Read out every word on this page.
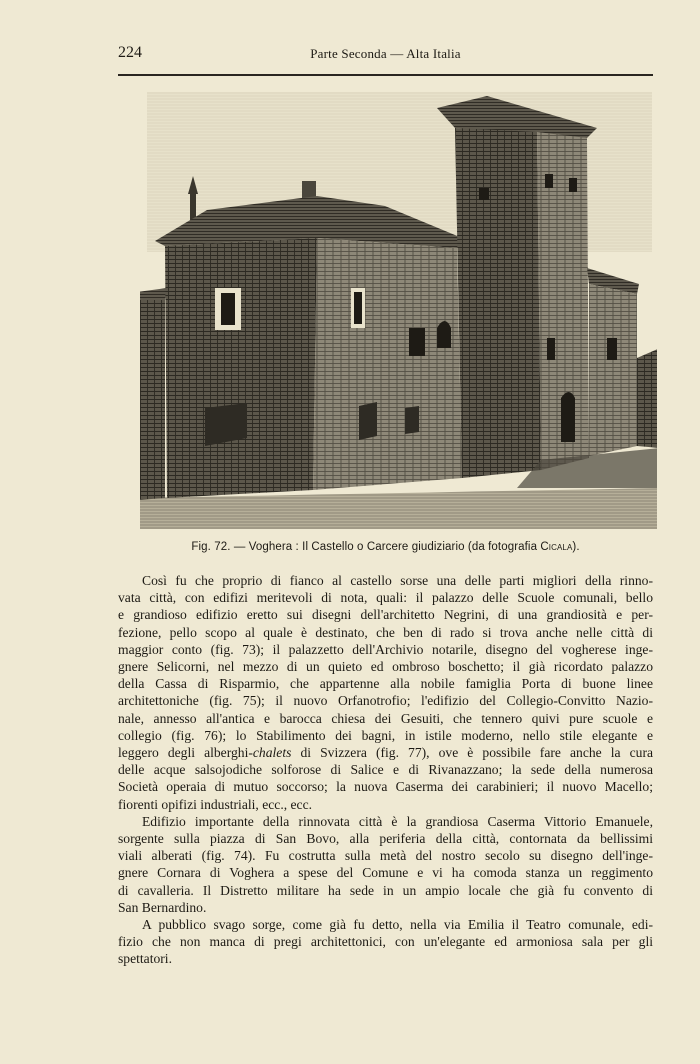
224	Parte Seconda — Alta Italia
Fig. 72. — Voghera : Il Castello o Carcere giudiziario (da fotografia Cicala).

Così fu che proprio di fianco al castello sorse una delle parti migliori della rinno-

vata città, con edifizi meritevoli di nota, quali: il palazzo delle Scuole comunali, bello

e grandioso edifizio eretto sui disegni dell'architetto Negrini, di una grandiosità e per-

fezione, pello scopo al quale è destinato, che ben di rado si trova anche nelle città di

maggior conto (fig. 73); il palazzetto dell'Archivio notarile, disegno del vogherese inge-

gnere Selicorni, nel mezzo di un quieto ed ombroso boschetto; il già ricordato palazzo

della Cassa di Risparmio, che appartenne alla nobile famiglia Porta di buone linee

architettoniche (fig. 75); il nuovo Orfanotrofio; l'edifizio del Collegio-Convitto Nazio-

nale, annesso all'antica e barocca chiesa dei Gesuiti, che tennero quivi pure scuole e

collegio (fig. 76); lo Stabilimento dei bagni, in istile moderno, nello stile elegante e

leggero degli alberghi-chalets di Svizzera (fig. 77), ove è possibile fare anche la cura

delle acque salsojodiche solforose di Salice e di Rivanazzano; la sede della numerosa

Società operaia di mutuo soccorso; la nuova Caserma dei carabinieri; il nuovo Macello;

fiorenti opifizi industriali, ecc., ecc.

Edifizio importante della rinnovata città è la grandiosa Caserma Vittorio Emanuele,

sorgente sulla piazza di San Bovo, alla periferia della città, contornata da bellissimi

viali alberati (fig. 74). Fu costrutta sulla metà del nostro secolo su disegno dell'inge-

gnere Cornara di Voghera a spese del Comune e vi ha comoda stanza un reggimento

di cavalleria. Il Distretto militare ha sede in un ampio locale che già fu convento di

San Bernardino.

A pubblico svago sorge, come già fu detto, nella via Emilia il Teatro comunale, edi-

fizio che non manca di pregi architettonici, con un'elegante ed armoniosa sala per gli

spettatori.
